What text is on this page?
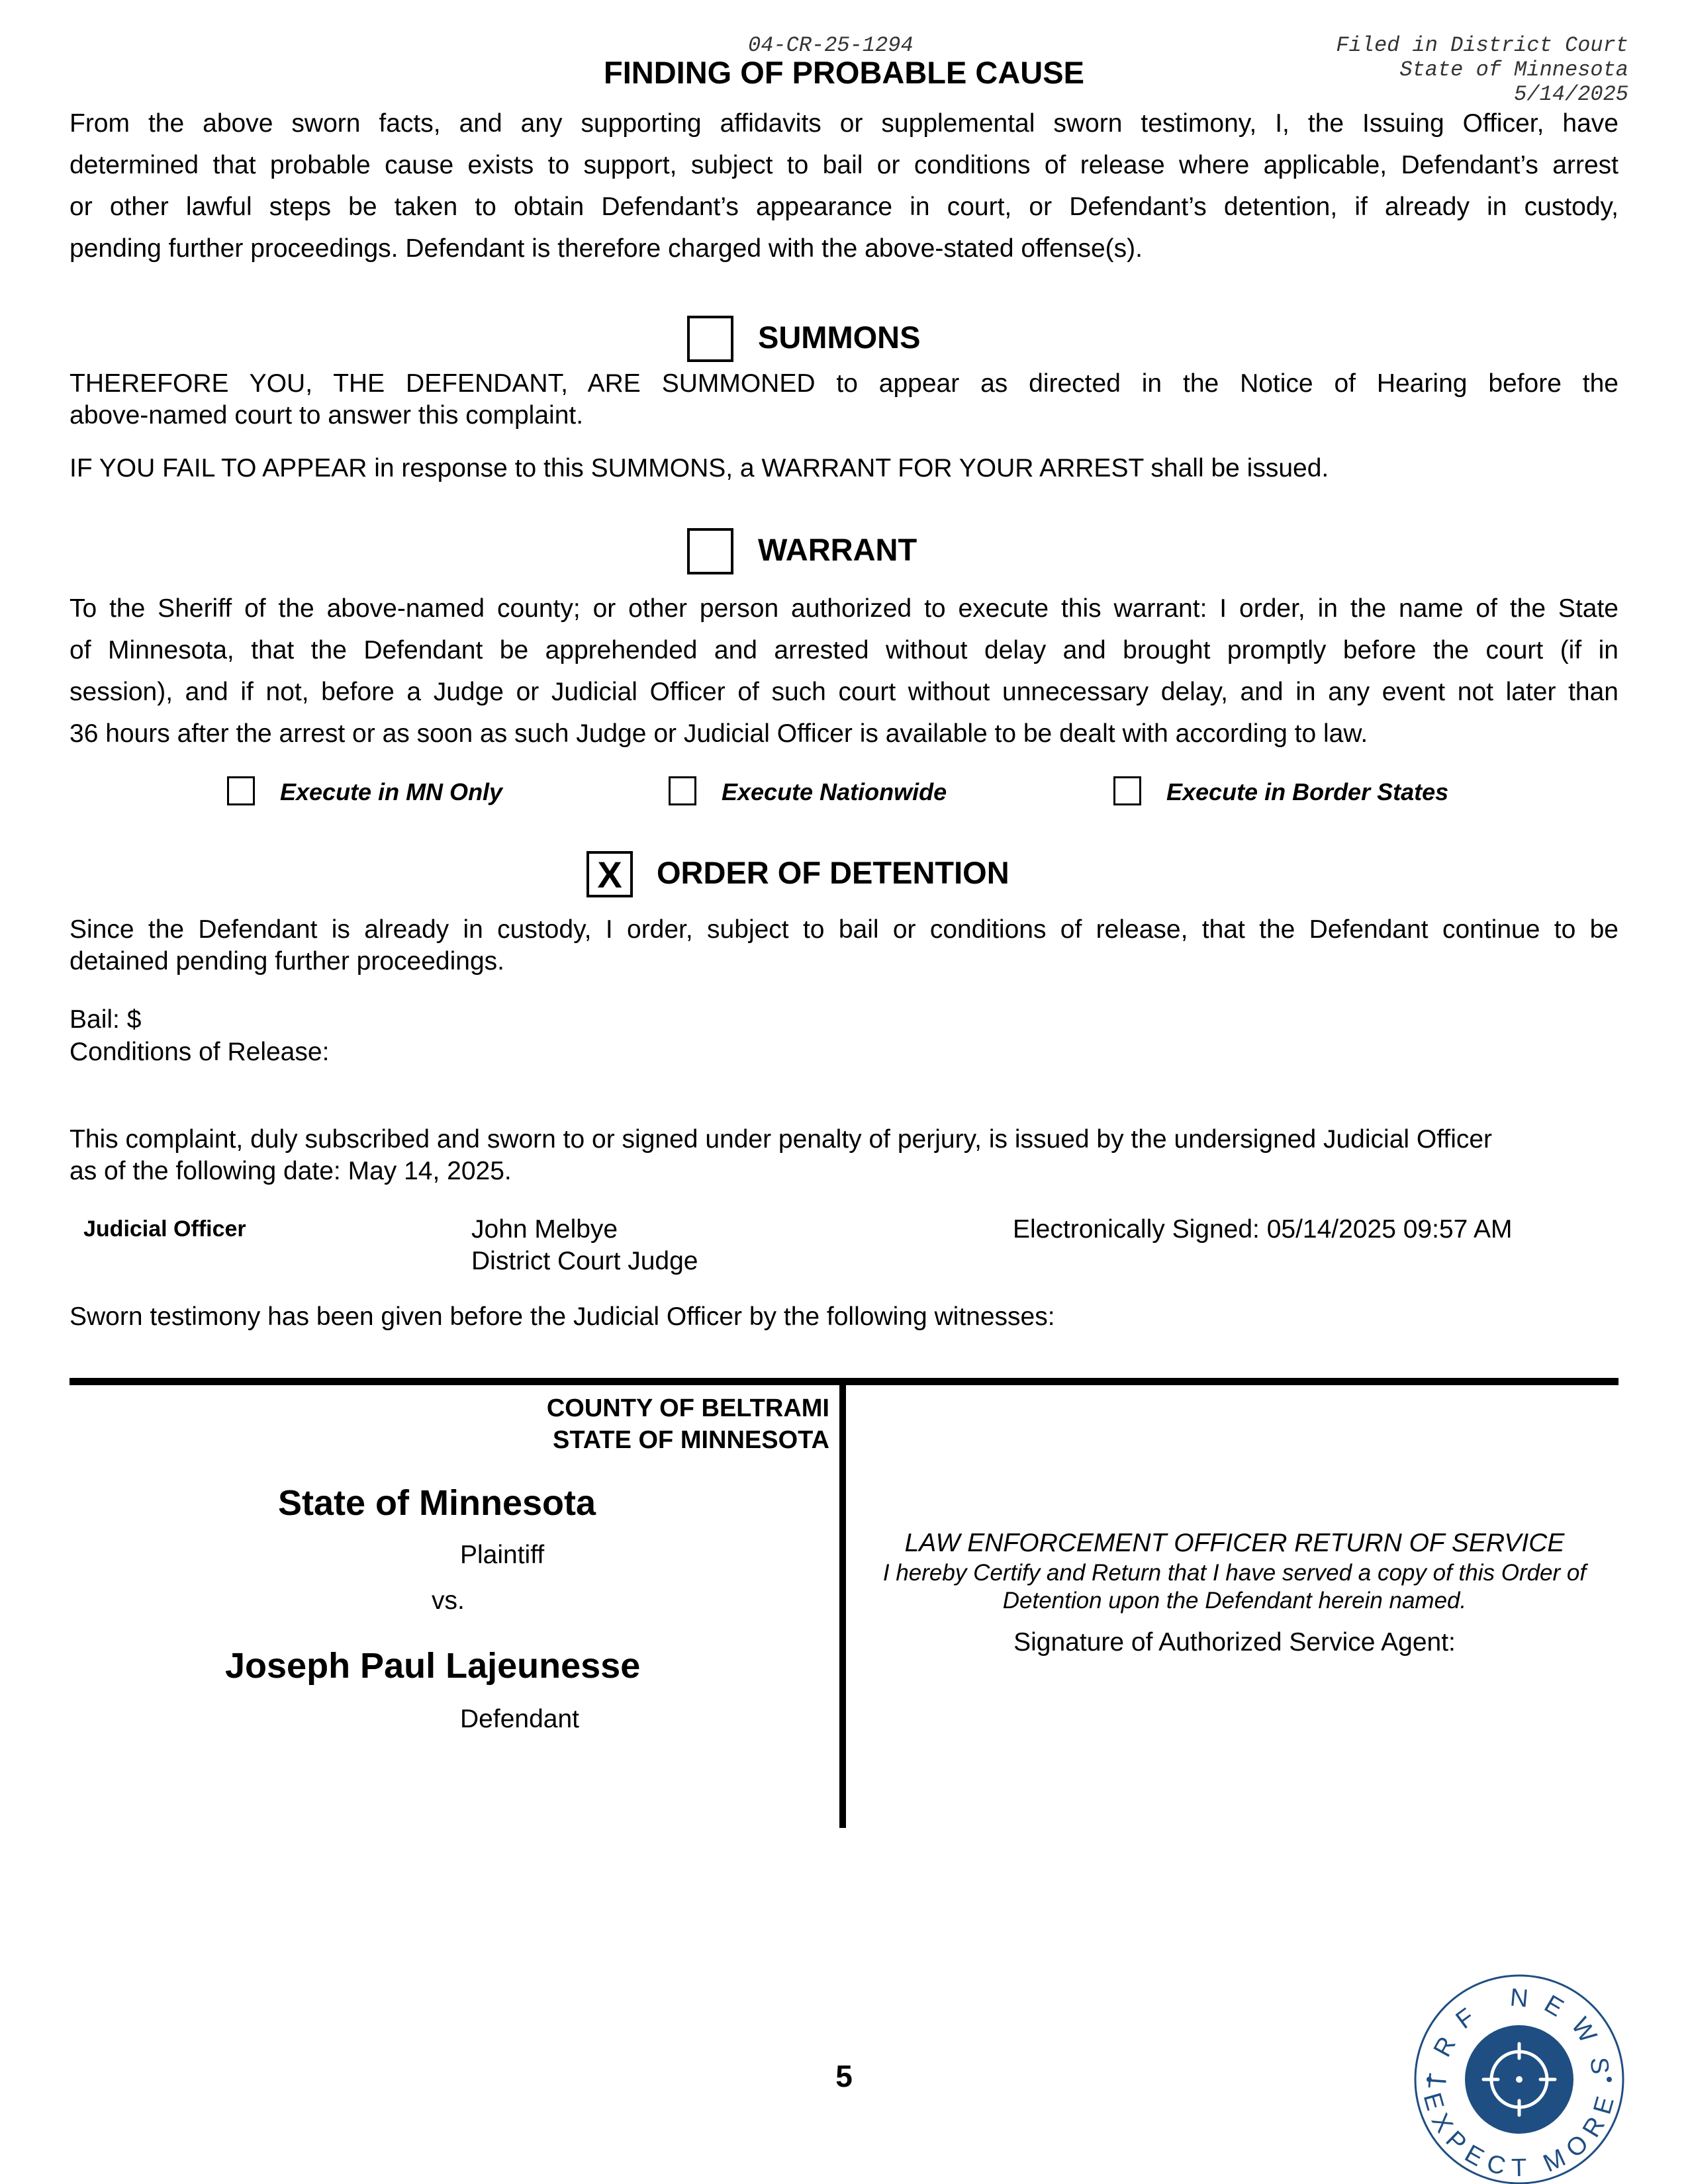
04-CR-25-1294
FINDING OF PROBABLE CAUSE
Filed in District Court
State of Minnesota
5/14/2025
From the above sworn facts, and any supporting affidavits or supplemental sworn testimony, I, the Issuing Officer, have
determined that probable cause exists to support, subject to bail or conditions of release where applicable, Defendant’s arrest
or other lawful steps be taken to obtain Defendant’s appearance in court, or Defendant’s detention, if already in custody,
pending further proceedings. Defendant is therefore charged with the above-stated offense(s).
SUMMONS
THEREFORE YOU, THE DEFENDANT, ARE SUMMONED to appear as directed in the Notice of Hearing before the
above-named court to answer this complaint.
IF YOU FAIL TO APPEAR in response to this SUMMONS, a WARRANT FOR YOUR ARREST shall be issued.
WARRANT
To the Sheriff of the above-named county; or other person authorized to execute this warrant: I order, in the name of the State
of Minnesota, that the Defendant be apprehended and arrested without delay and brought promptly before the court (if in
session), and if not, before a Judge or Judicial Officer of such court without unnecessary delay, and in any event not later than
36 hours after the arrest or as soon as such Judge or Judicial Officer is available to be dealt with according to law.
Execute in MN Only	Execute Nationwide	Execute in Border States
X	ORDER OF DETENTION
Since the Defendant is already in custody, I order, subject to bail or conditions of release, that the Defendant continue to be
detained pending further proceedings.
Bail: $
Conditions of Release:
This complaint, duly subscribed and sworn to or signed under penalty of perjury, is issued by the undersigned Judicial Officer
as of the following date: May 14, 2025.
Judicial Officer	John Melbye
District Court Judge
Electronically Signed: 05/14/2025 09:57 AM
Sworn testimony has been given before the Judicial Officer by the following witnesses:
COUNTY OF BELTRAMI
STATE OF MINNESOTA
State of Minnesota
Plaintiff
vs.
Joseph Paul Lajeunesse
Defendant
LAW ENFORCEMENT OFFICER RETURN OF SERVICE
I hereby Certify and Return that I have served a copy of this Order of
Detention upon the Defendant herein named.
Signature of Authorized Service Agent:
5	TRF NEWS
EXPECT MORE
